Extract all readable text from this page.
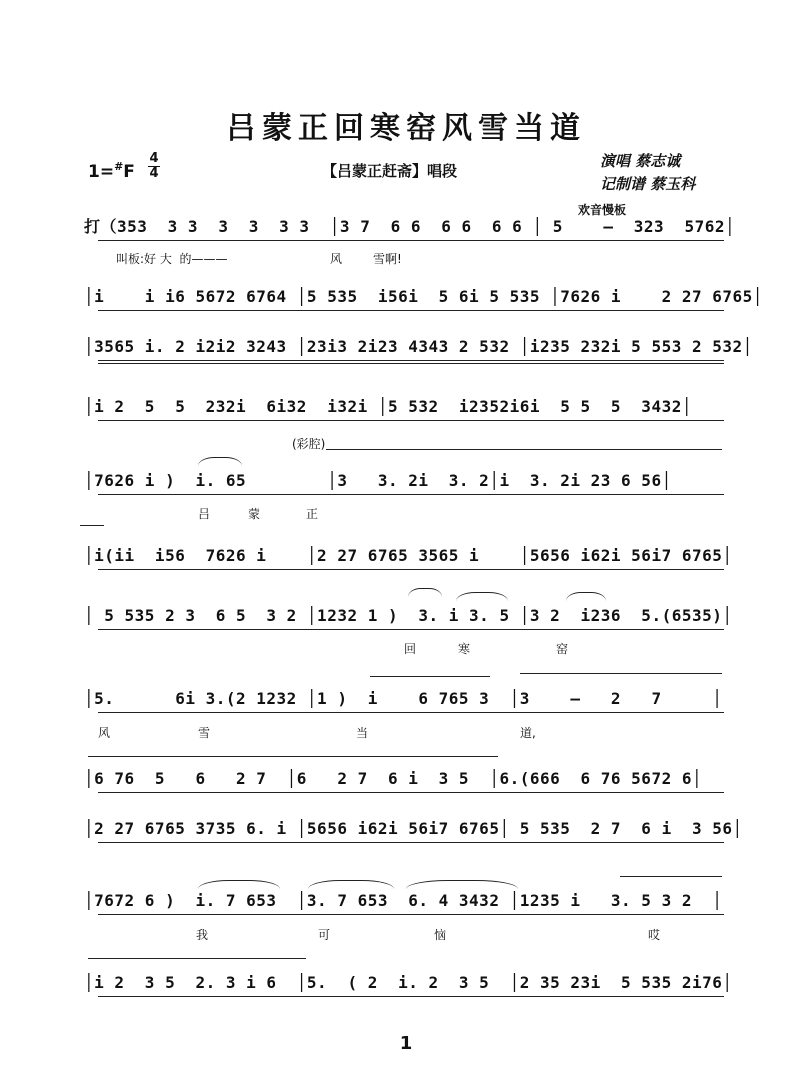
吕蒙正回寒窑风雪当道
1=#F
4
4	【吕蒙正赶斋】唱段
演唱 蔡志诚
记制谱 蔡玉科
欢音慢板
打（353  3 3  3  3  3 3  │3 7  6 6  6 6  6 6 │ 5    –  323  5762│
叫板:好 大  的———	风	雪啊!
│i    i i6 5672 6764 │5 535  i56i  5 6i 5 535 │7626 i    2 27 6765│
│3565 i. 2 i2i2 3243 │23i3 2i23 4343 2 532 │i235 232i 5 553 2 532│
│i 2  5  5  232i  6i32  i32i │5 532  i2352i6i  5 5  5  3432│
(彩腔)
│7626 i )  i. 65        │3   3. 2i  3. 2│i  3. 2i 23 6 56│
吕	蒙	正
│i(ii  i56  7626 i    │2 27 6765 3565 i    │5656 i62i 56i7 6765│
│ 5 535 2 3  6 5  3 2 │1232 1 )  3. i 3. 5 │3 2  i236  5.(6535)│
回	寒	窑
│5.      6i 3.(2 1232 │1 )  i    6 765 3  │3    –   2   7     │
风	雪	当	道,
│6 76  5   6   2 7  │6   2 7  6 i  3 5  │6.(666  6 76 5672 6│
│2 27 6765 3735 6. i │5656 i62i 56i7 6765│ 5 535  2 7  6 i  3 56│
│7672 6 )  i. 7 653  │3. 7 653  6. 4 3432 │1235 i   3. 5 3 2  │
我	可	恼	哎
│i 2  3 5  2. 3 i 6  │5.  ( 2  i. 2  3 5  │2 35 23i  5 535 2i76│
1
